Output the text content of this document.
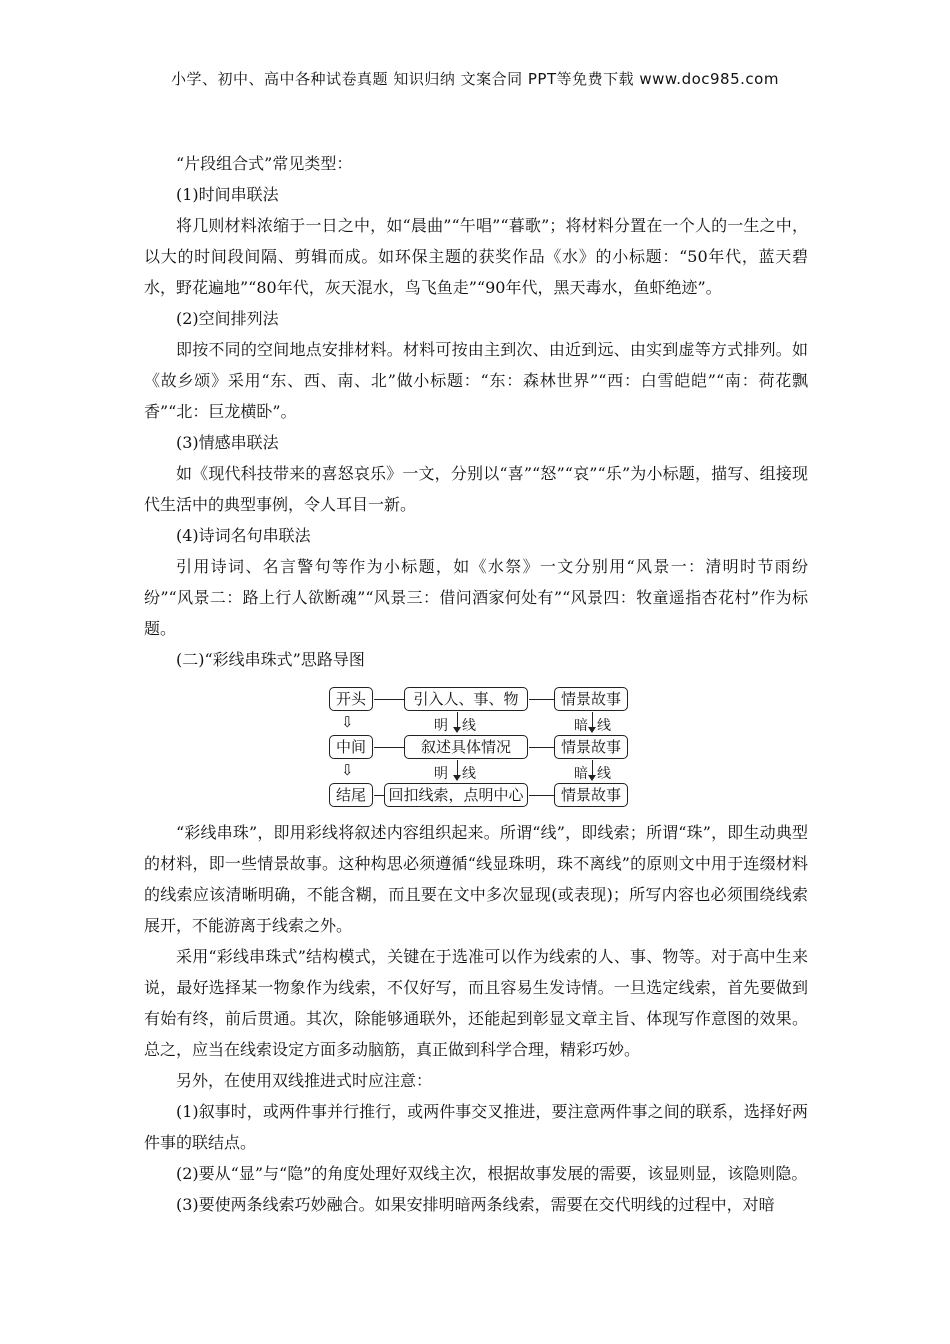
小学、初中、高中各种试卷真题 知识归纳 文案合同 PPT等免费下载 www.doc985.com

“片段组合式”常见类型：

(1)时间串联法

将几则材料浓缩于一日之中，如“晨曲”“午唱”“暮歌”；将材料分置在一个人的一生之中，以大的时间段间隔、剪辑而成。如环保主题的获奖作品《水》的小标题：“50年代，蓝天碧水，野花遍地”“80年代，灰天混水，鸟飞鱼走”“90年代，黑天毒水，鱼虾绝迹”。

(2)空间排列法

即按不同的空间地点安排材料。材料可按由主到次、由近到远、由实到虚等方式排列。如《故乡颂》采用“东、西、南、北”做小标题：“东：森林世界”“西：白雪皑皑”“南：荷花飘香”“北：巨龙横卧”。

(3)情感串联法

如《现代科技带来的喜怒哀乐》一文，分别以“喜”“怒”“哀”“乐”为小标题，描写、组接现代生活中的典型事例，令人耳目一新。

(4)诗词名句串联法

引用诗词、名言警句等作为小标题，如《水祭》一文分别用“风景一：清明时节雨纷纷”“风景二：路上行人欲断魂”“风景三：借问酒家何处有”“风景四：牧童遥指杏花村”作为标题。

(二)“彩线串珠式”思路导图

开头	引入人、事、物	情景故事
⇩	明 线	暗 线
中间	叙述具体情况	情景故事
⇩	明 线	暗 线
结尾	回扣线索，点明中心	情景故事

“彩线串珠”，即用彩线将叙述内容组织起来。所谓“线”，即线索；所谓“珠”，即生动典型的材料，即一些情景故事。这种构思必须遵循“线显珠明，珠不离线”的原则文中用于连缀材料的线索应该清晰明确，不能含糊，而且要在文中多次显现(或表现)；所写内容也必须围绕线索展开，不能游离于线索之外。

采用“彩线串珠式”结构模式，关键在于选准可以作为线索的人、事、物等。对于高中生来说，最好选择某一物象作为线索，不仅好写，而且容易生发诗情。一旦选定线索，首先要做到有始有终，前后贯通。其次，除能够通联外，还能起到彰显文章主旨、体现写作意图的效果。总之，应当在线索设定方面多动脑筋，真正做到科学合理，精彩巧妙。

另外，在使用双线推进式时应注意：

(1)叙事时，或两件事并行推行，或两件事交叉推进，要注意两件事之间的联系，选择好两件事的联结点。

(2)要从“显”与“隐”的角度处理好双线主次，根据故事发展的需要，该显则显，该隐则隐。

(3)要使两条线索巧妙融合。如果安排明暗两条线索，需要在交代明线的过程中，对暗
